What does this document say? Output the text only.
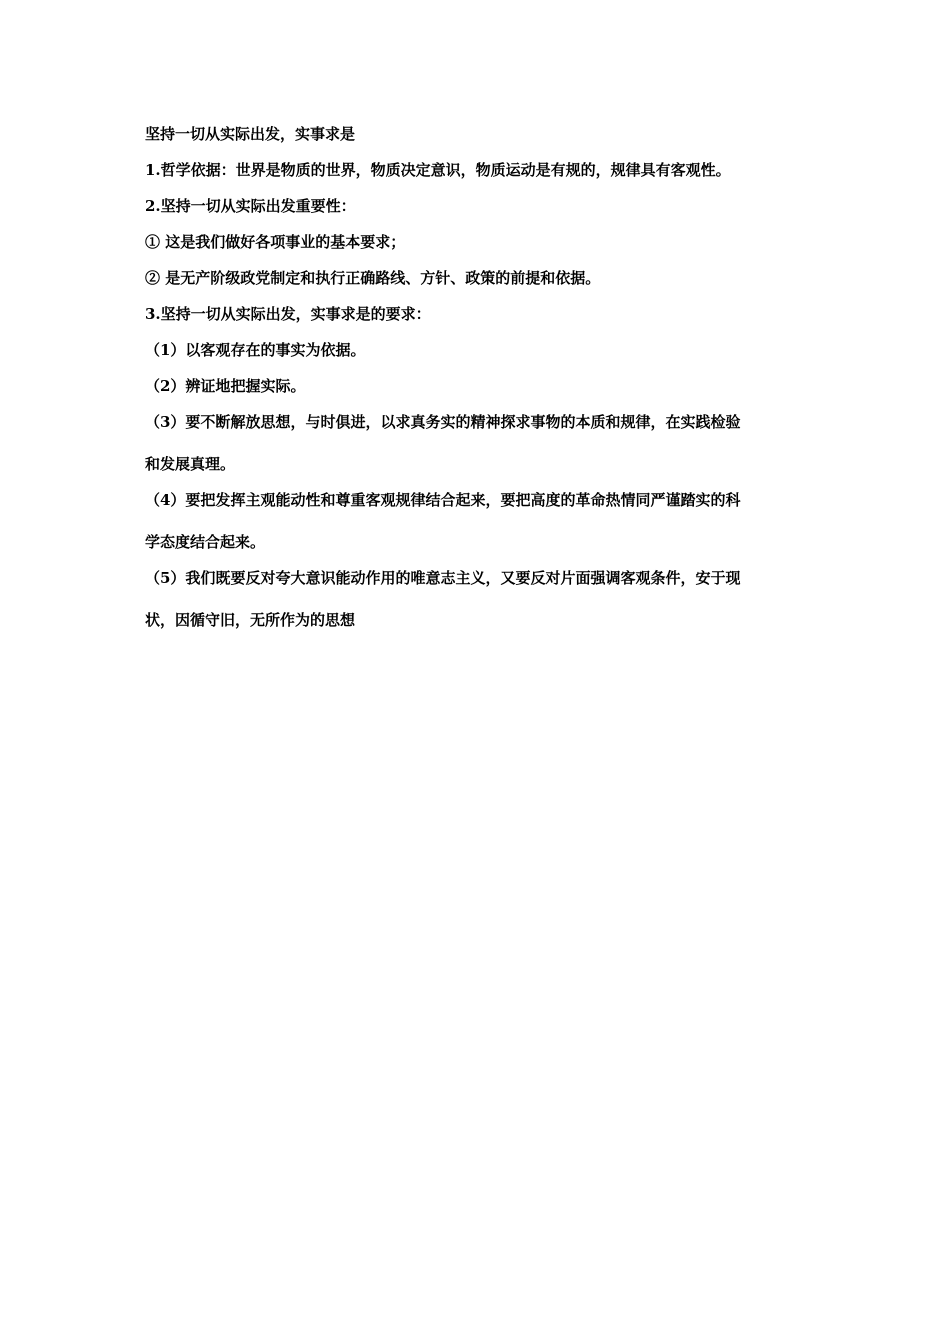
坚持一切从实际出发，实事求是
1.哲学依据：世界是物质的世界，物质决定意识，物质运动是有规的，规律具有客观性。
2.坚持一切从实际出发重要性：
① 这是我们做好各项事业的基本要求；
② 是无产阶级政党制定和执行正确路线、方针、政策的前提和依据。
3.坚持一切从实际出发，实事求是的要求：
（1）以客观存在的事实为依据。
（2）辨证地把握实际。
（3）要不断解放思想，与时俱进，以求真务实的精神探求事物的本质和规律，在实践检验
和发展真理。
（4）要把发挥主观能动性和尊重客观规律结合起来，要把高度的革命热情同严谨踏实的科
学态度结合起来。
（5）我们既要反对夸大意识能动作用的唯意志主义，又要反对片面强调客观条件，安于现
状，因循守旧，无所作为的思想
